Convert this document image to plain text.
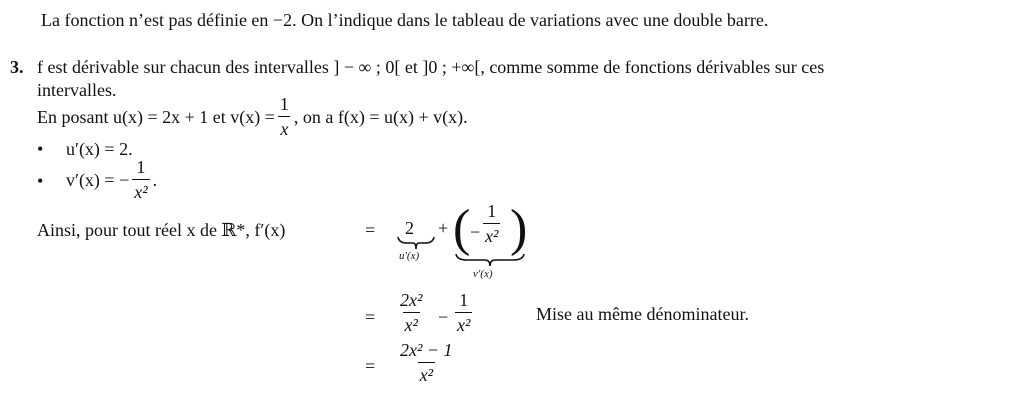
La fonction n’est pas définie en −2. On l’indique dans le tableau de variations avec une double barre.
3. f est dérivable sur chacun des intervalles ] − ∞ ; 0[ et ]0 ; +∞[, comme somme de fonctions dérivables sur ces
intervalles.
En posant u(x) = 2x + 1 et $v(x) = \frac{1}{x}$ , on a f(x) = u(x) + v(x).
• u′(x) = 2.
• v′(x) = − $\frac{1}{\text{x²}}$ .
Ainsi, pour tout réel x de ℝ*, f′(x)	=
=
=
2
u′(x)
+ ( − $\frac{1}{\text{x²}}$ )
v′(x)
$\frac{\text{2x²}}{\text{x²}} - \frac{1}{\text{x²}}$	Mise au même dénominateur.
$\frac{\text{2x² − 1}}{\text{x²}}$
